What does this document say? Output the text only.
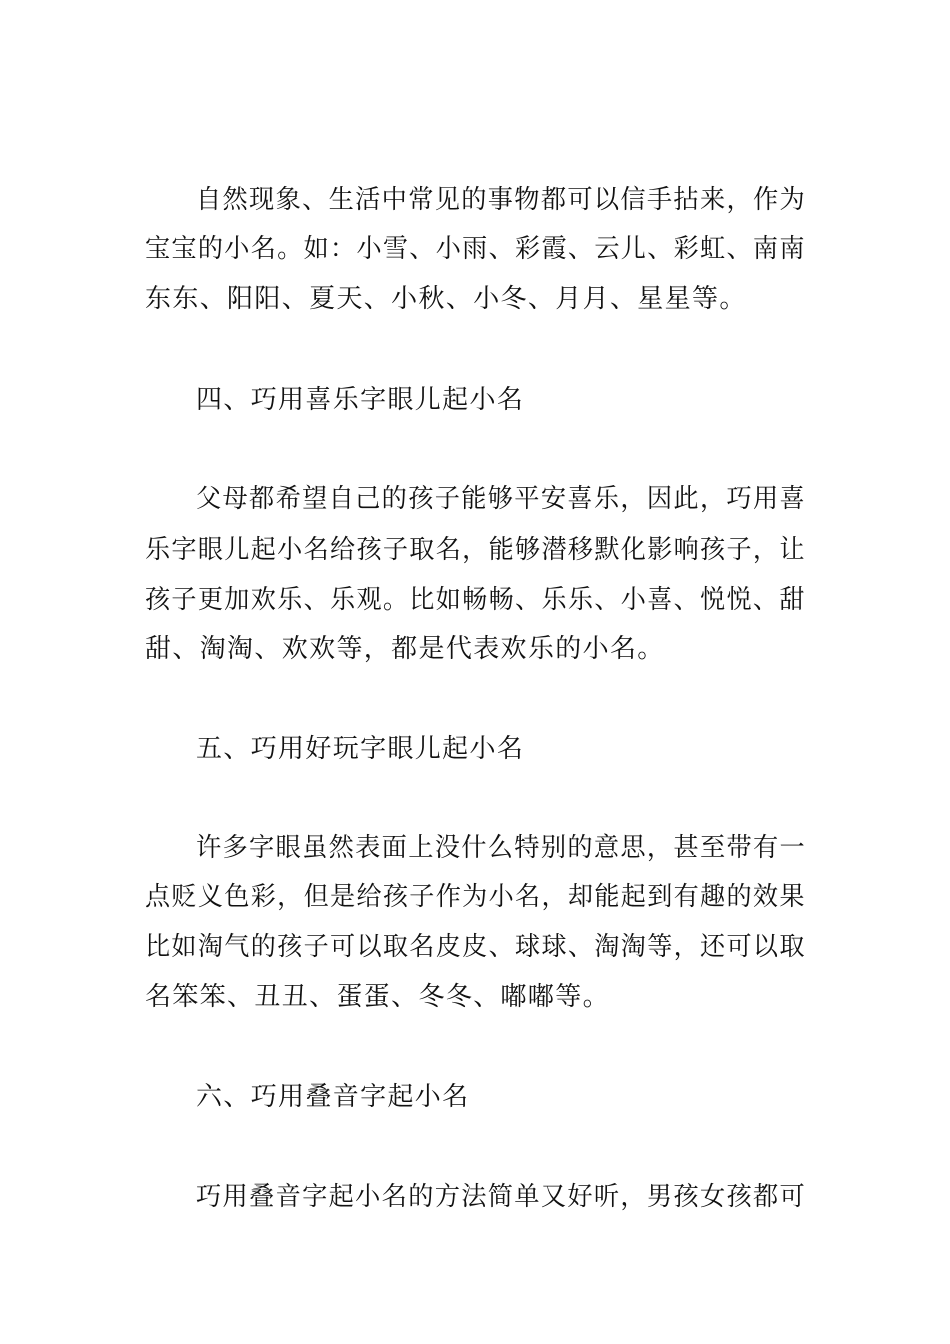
自然现象、生活中常见的事物都可以信手拈来，作为
宝宝的小名。如：小雪、小雨、彩霞、云儿、彩虹、南南
东东、阳阳、夏天、小秋、小冬、月月、星星等。
四、巧用喜乐字眼儿起小名
父母都希望自己的孩子能够平安喜乐，因此，巧用喜
乐字眼儿起小名给孩子取名，能够潜移默化影响孩子，让
孩子更加欢乐、乐观。比如畅畅、乐乐、小喜、悦悦、甜
甜、淘淘、欢欢等，都是代表欢乐的小名。
五、巧用好玩字眼儿起小名
许多字眼虽然表面上没什么特别的意思，甚至带有一
点贬义色彩，但是给孩子作为小名，却能起到有趣的效果
比如淘气的孩子可以取名皮皮、球球、淘淘等，还可以取
名笨笨、丑丑、蛋蛋、冬冬、嘟嘟等。
六、巧用叠音字起小名
巧用叠音字起小名的方法简单又好听，男孩女孩都可
